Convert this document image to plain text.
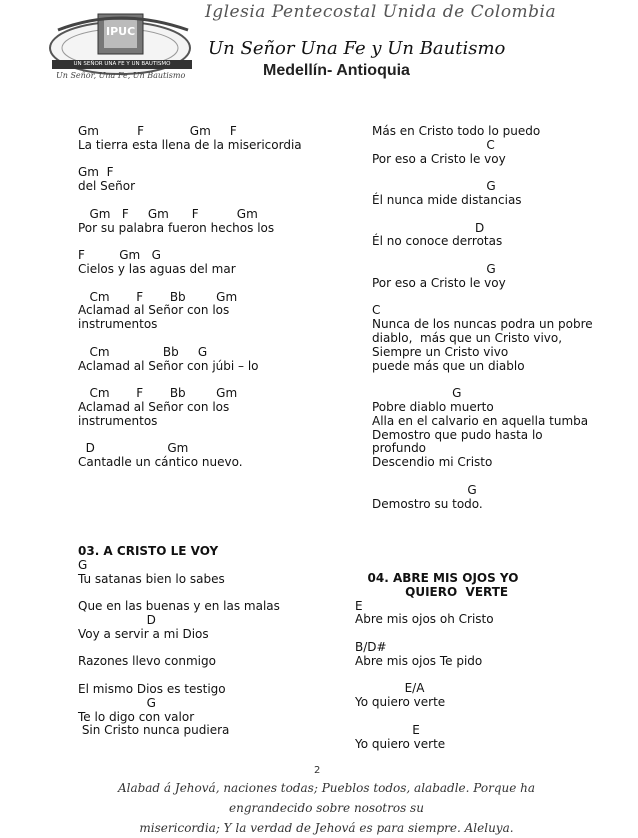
IPUC
UN SEÑOR UNA FE Y UN BAUTISMO
Un Señor, Una Fe, Un Bautismo
Iglesia Pentecostal Unida de Colombia
Un Señor Una Fe y Un Bautismo
Medellín- Antioquia
Gm          F            Gm     F
La tierra esta llena de la misericordia
Gm  F
del Señor
Gm   F     Gm      F          Gm
Por su palabra fueron hechos los
F         Gm   G
Cielos y las aguas del mar
Cm       F       Bb        Gm
Aclamad al Señor con los
instrumentos
Cm              Bb     G
Aclamad al Señor con júbi – lo
Cm       F       Bb        Gm
Aclamad al Señor con los
instrumentos
D                   Gm
Cantadle un cántico nuevo.
Más en Cristo todo lo puedo
C
Por eso a Cristo le voy
G
Él nunca mide distancias
D
Él no conoce derrotas
G
Por eso a Cristo le voy
C
Nunca de los nuncas podra un pobre
diablo,  más que un Cristo vivo,
Siempre un Cristo vivo
puede más que un diablo
G
Pobre diablo muerto
Alla en el calvario en aquella tumba
Demostro que pudo hasta lo
profundo
Descendio mi Cristo
G
Demostro su todo.
03. A CRISTO LE VOY
G
Tu satanas bien lo sabes
Que en las buenas y en las malas
D
Voy a servir a mi Dios
Razones llevo conmigo
El mismo Dios es testigo
G
Te lo digo con valor
Sin Cristo nunca pudiera
04. ABRE MIS OJOS YO
QUIERO  VERTE
E
Abre mis ojos oh Cristo
B/D#
Abre mis ojos Te pido
E/A
Yo quiero verte
E
Yo quiero verte
2
Alabad á Jehová, naciones todas; Pueblos todos, alabadle. Porque ha engrandecido sobre nosotros su
misericordia; Y la verdad de Jehová es para siempre. Aleluya.
